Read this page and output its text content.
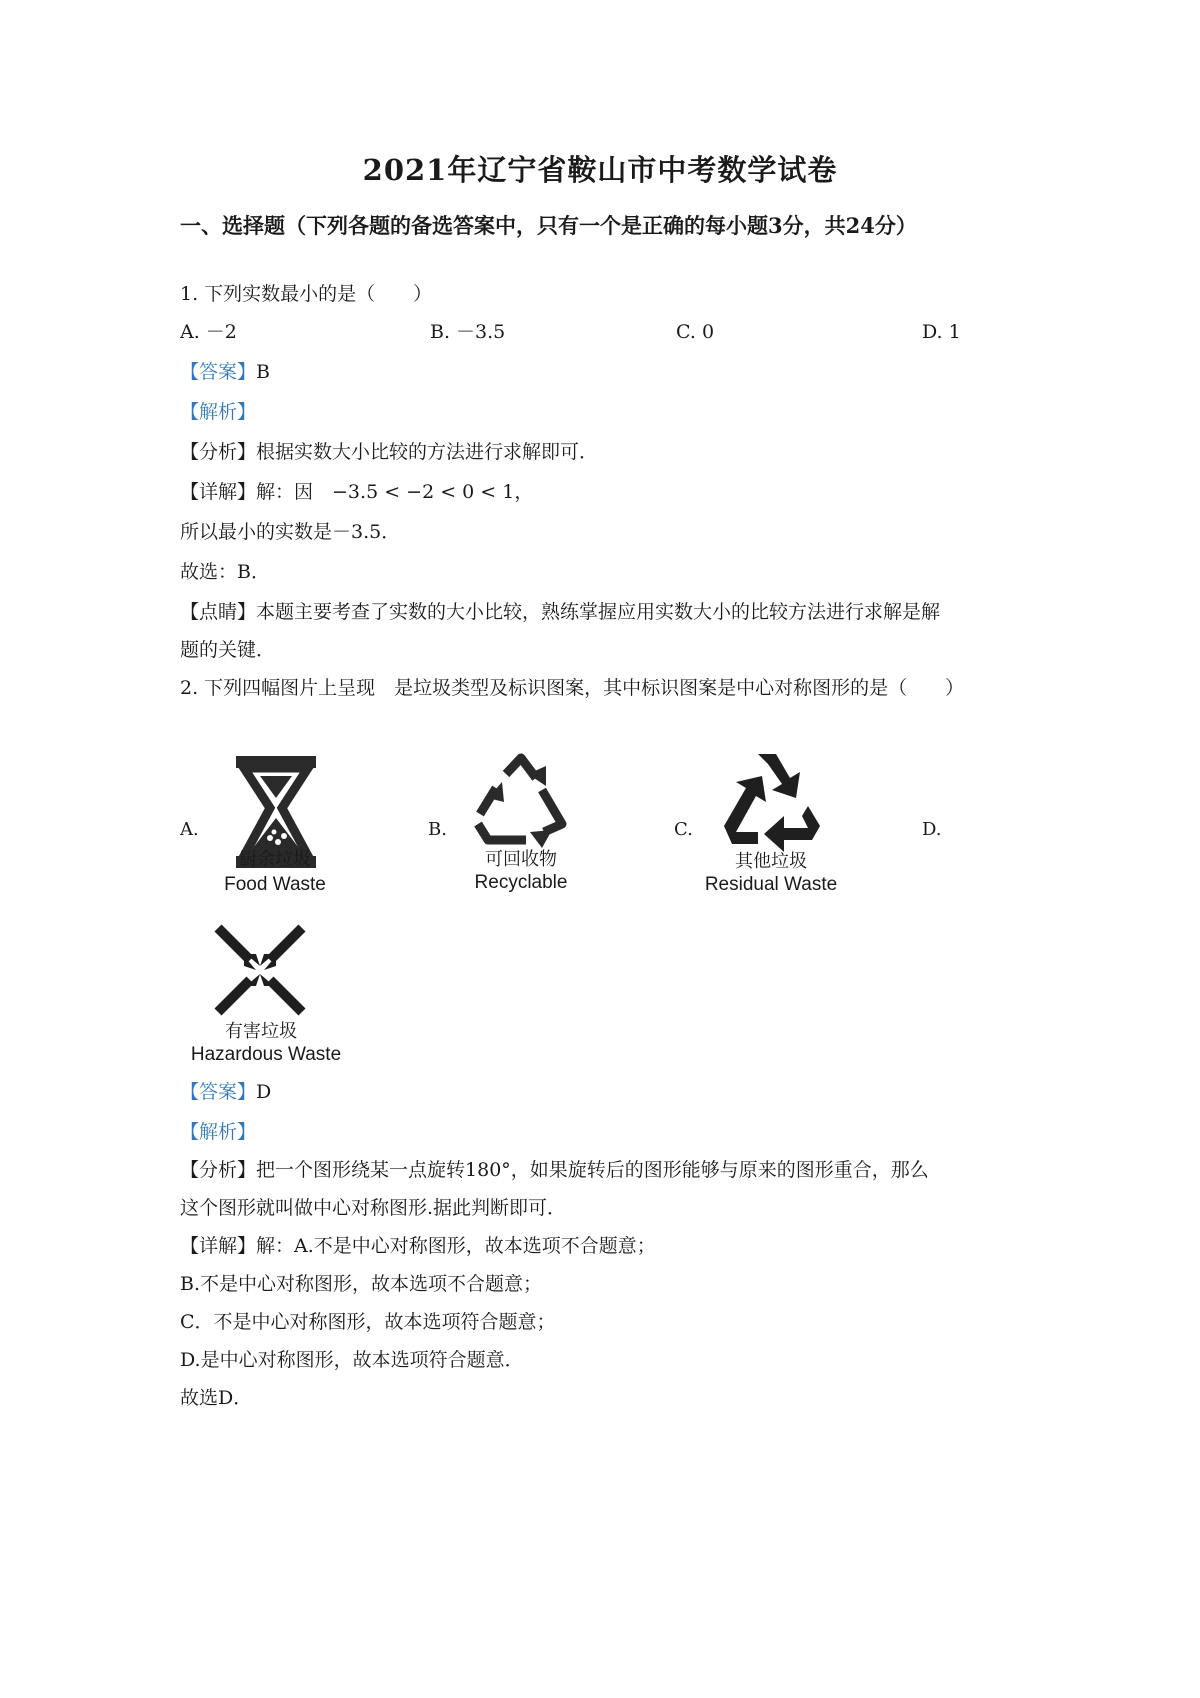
2021年辽宁省鞍山市中考数学试卷
一、选择题（下列各题的备选答案中，只有一个是正确的每小题3分，共24分）
1. 下列实数最小的是（　　）
A. －2	B. －3.5	C. 0	D. 1
【答案】B
【解析】
【分析】根据实数大小比较的方法进行求解即可．
【详解】解：因　−3.5 < −2 < 0 < 1，
所以最小的实数是－3.5．
故选：B．
【点睛】本题主要考查了实数的大小比较，熟练掌握应用实数大小的比较方法进行求解是解
题的关键．
2. 下列四幅图片上呈现　是垃圾类型及标识图案，其中标识图案是中心对称图形的是（　　）
A.	B.	C.	D.
厨余垃圾
Food Waste
可回收物
Recyclable
其他垃圾
Residual Waste
有害垃圾
Hazardous Waste
【答案】D
【解析】
【分析】把一个图形绕某一点旋转180°，如果旋转后的图形能够与原来的图形重合，那么
这个图形就叫做中心对称图形.据此判断即可．
【详解】解：A.不是中心对称图形，故本选项不合题意；
B.不是中心对称图形，故本选项不合题意；
C．不是中心对称图形，故本选项符合题意；
D.是中心对称图形，故本选项符合题意．
故选D．
